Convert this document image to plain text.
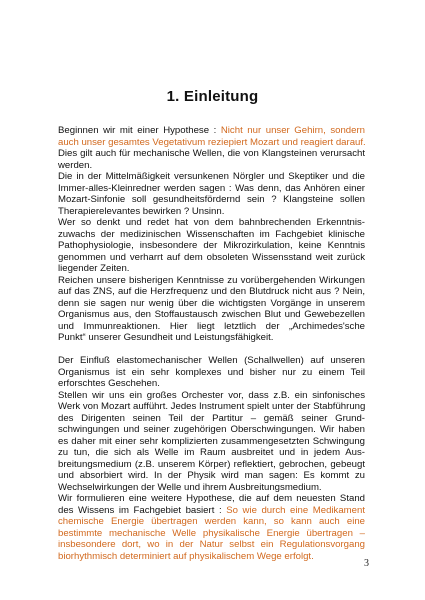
1. Einleitung
Beginnen wir mit einer Hypothese : Nicht nur unser Gehirn, sondern
auch unser gesamtes Vegetativum reziepiert Mozart und reagiert darauf.
Dies gilt auch für mechanische Wellen, die von Klangsteinen verursacht
werden.
Die in der Mittelmäßigkeit versunkenen Nörgler und Skeptiker und die
Immer-alles-Kleinredner werden sagen : Was denn, das Anhören einer
Mozart-Sinfonie soll gesundheitsfördernd sein ? Klangsteine sollen
Therapierelevantes bewirken ? Unsinn.
Wer so denkt und redet hat von dem bahnbrechenden Erkenntnis-
zuwachs der medizinischen Wissenschaften im Fachgebiet klinische
Pathophysiologie, insbesondere der Mikrozirkulation, keine Kenntnis
genommen und verharrt auf dem obsoleten Wissensstand weit zurück
liegender Zeiten.
Reichen unsere bisherigen Kenntnisse zu vorübergehenden Wirkungen
auf das ZNS, auf die Herzfrequenz und den Blutdruck nicht aus ? Nein,
denn sie sagen nur wenig über die wichtigsten Vorgänge in unserem
Organismus aus, den Stoffaustausch zwischen Blut und Gewebezellen
und Immunreaktionen. Hier liegt letztlich der „Archimedes'sche
Punkt“ unserer Gesundheit und Leistungsfähigkeit.
Der Einfluß elastomechanischer Wellen (Schallwellen) auf unseren
Organismus ist ein sehr komplexes und bisher nur zu einem Teil
erforschtes Geschehen.
Stellen wir uns ein großes Orchester vor, dass z.B. ein sinfonisches
Werk von Mozart aufführt. Jedes Instrument spielt unter der Stabführung
des Dirigenten seinen Teil der Partitur – gemäß seiner Grund-
schwingungen und seiner zugehörigen Oberschwingungen. Wir haben
es daher mit einer sehr komplizierten zusammengesetzten Schwingung
zu tun, die sich als Welle im Raum ausbreitet und in jedem Aus-
breitungsmedium (z.B. unserem Körper) reflektiert, gebrochen, gebeugt
und absorbiert wird. In der Physik wird man sagen: Es kommt zu
Wechselwirkungen der Welle und ihrem Ausbreitungsmedium.
Wir formulieren eine weitere Hypothese, die auf dem neuesten Stand
des Wissens im Fachgebiet basiert : So wie durch eine Medikament
chemische Energie übertragen werden kann, so kann auch eine
bestimmte mechanische Welle physikalische Energie übertragen –
insbesondere dort, wo in der Natur selbst ein Regulationsvorgang
biorhythmisch determiniert auf physikalischem Wege erfolgt.
3
